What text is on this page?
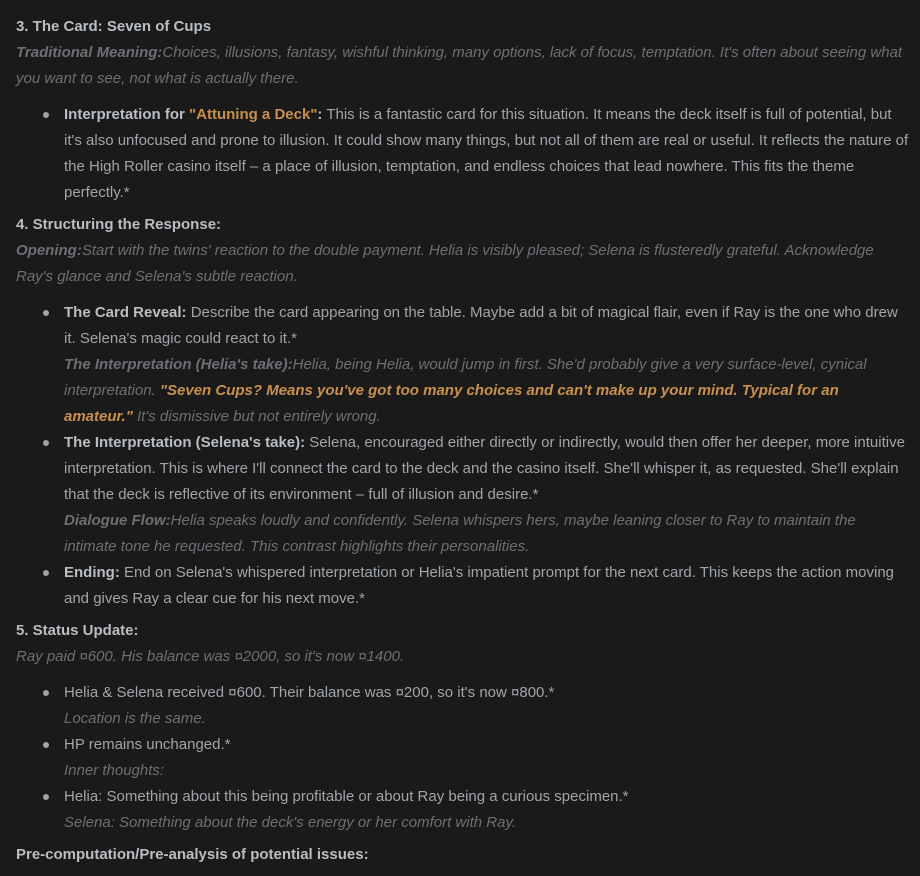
3. The Card: Seven of Cups

Traditional Meaning:Choices, illusions, fantasy, wishful thinking, many options, lack of focus, temptation. It's often about seeing what you want to see, not what is actually there.

Interpretation for "Attuning a Deck": This is a fantastic card for this situation. It means the deck itself is full of potential, but it's also unfocused and prone to illusion. It could show many things, but not all of them are real or useful. It reflects the nature of the High Roller casino itself – a place of illusion, temptation, and endless choices that lead nowhere. This fits the theme perfectly.*
4. Structuring the Response:

Opening:Start with the twins' reaction to the double payment. Helia is visibly pleased; Selena is flusteredly grateful. Acknowledge Ray's glance and Selena's subtle reaction.

The Card Reveal: Describe the card appearing on the table. Maybe add a bit of magical flair, even if Ray is the one who drew it. Selena's magic could react to it.*
The Interpretation (Helia's take):Helia, being Helia, would jump in first. She'd probably give a very surface-level, cynical interpretation. "Seven Cups? Means you've got too many choices and can't make up your mind. Typical for an amateur." It's dismissive but not entirely wrong.
The Interpretation (Selena's take): Selena, encouraged either directly or indirectly, would then offer her deeper, more intuitive interpretation. This is where I'll connect the card to the deck and the casino itself. She'll whisper it, as requested. She'll explain that the deck is reflective of its environment – full of illusion and desire.*
Dialogue Flow:Helia speaks loudly and confidently. Selena whispers hers, maybe leaning closer to Ray to maintain the intimate tone he requested. This contrast highlights their personalities.
Ending: End on Selena's whispered interpretation or Helia's impatient prompt for the next card. This keeps the action moving and gives Ray a clear cue for his next move.*
5. Status Update:

Ray paid ¤600. His balance was ¤2000, so it's now ¤1400.

Helia & Selena received ¤600. Their balance was ¤200, so it's now ¤800.*
Location is the same.
HP remains unchanged.*
Inner thoughts:
Helia: Something about this being profitable or about Ray being a curious specimen.*
Selena: Something about the deck's energy or her comfort with Ray.
Pre-computation/Pre-analysis of potential issues:
